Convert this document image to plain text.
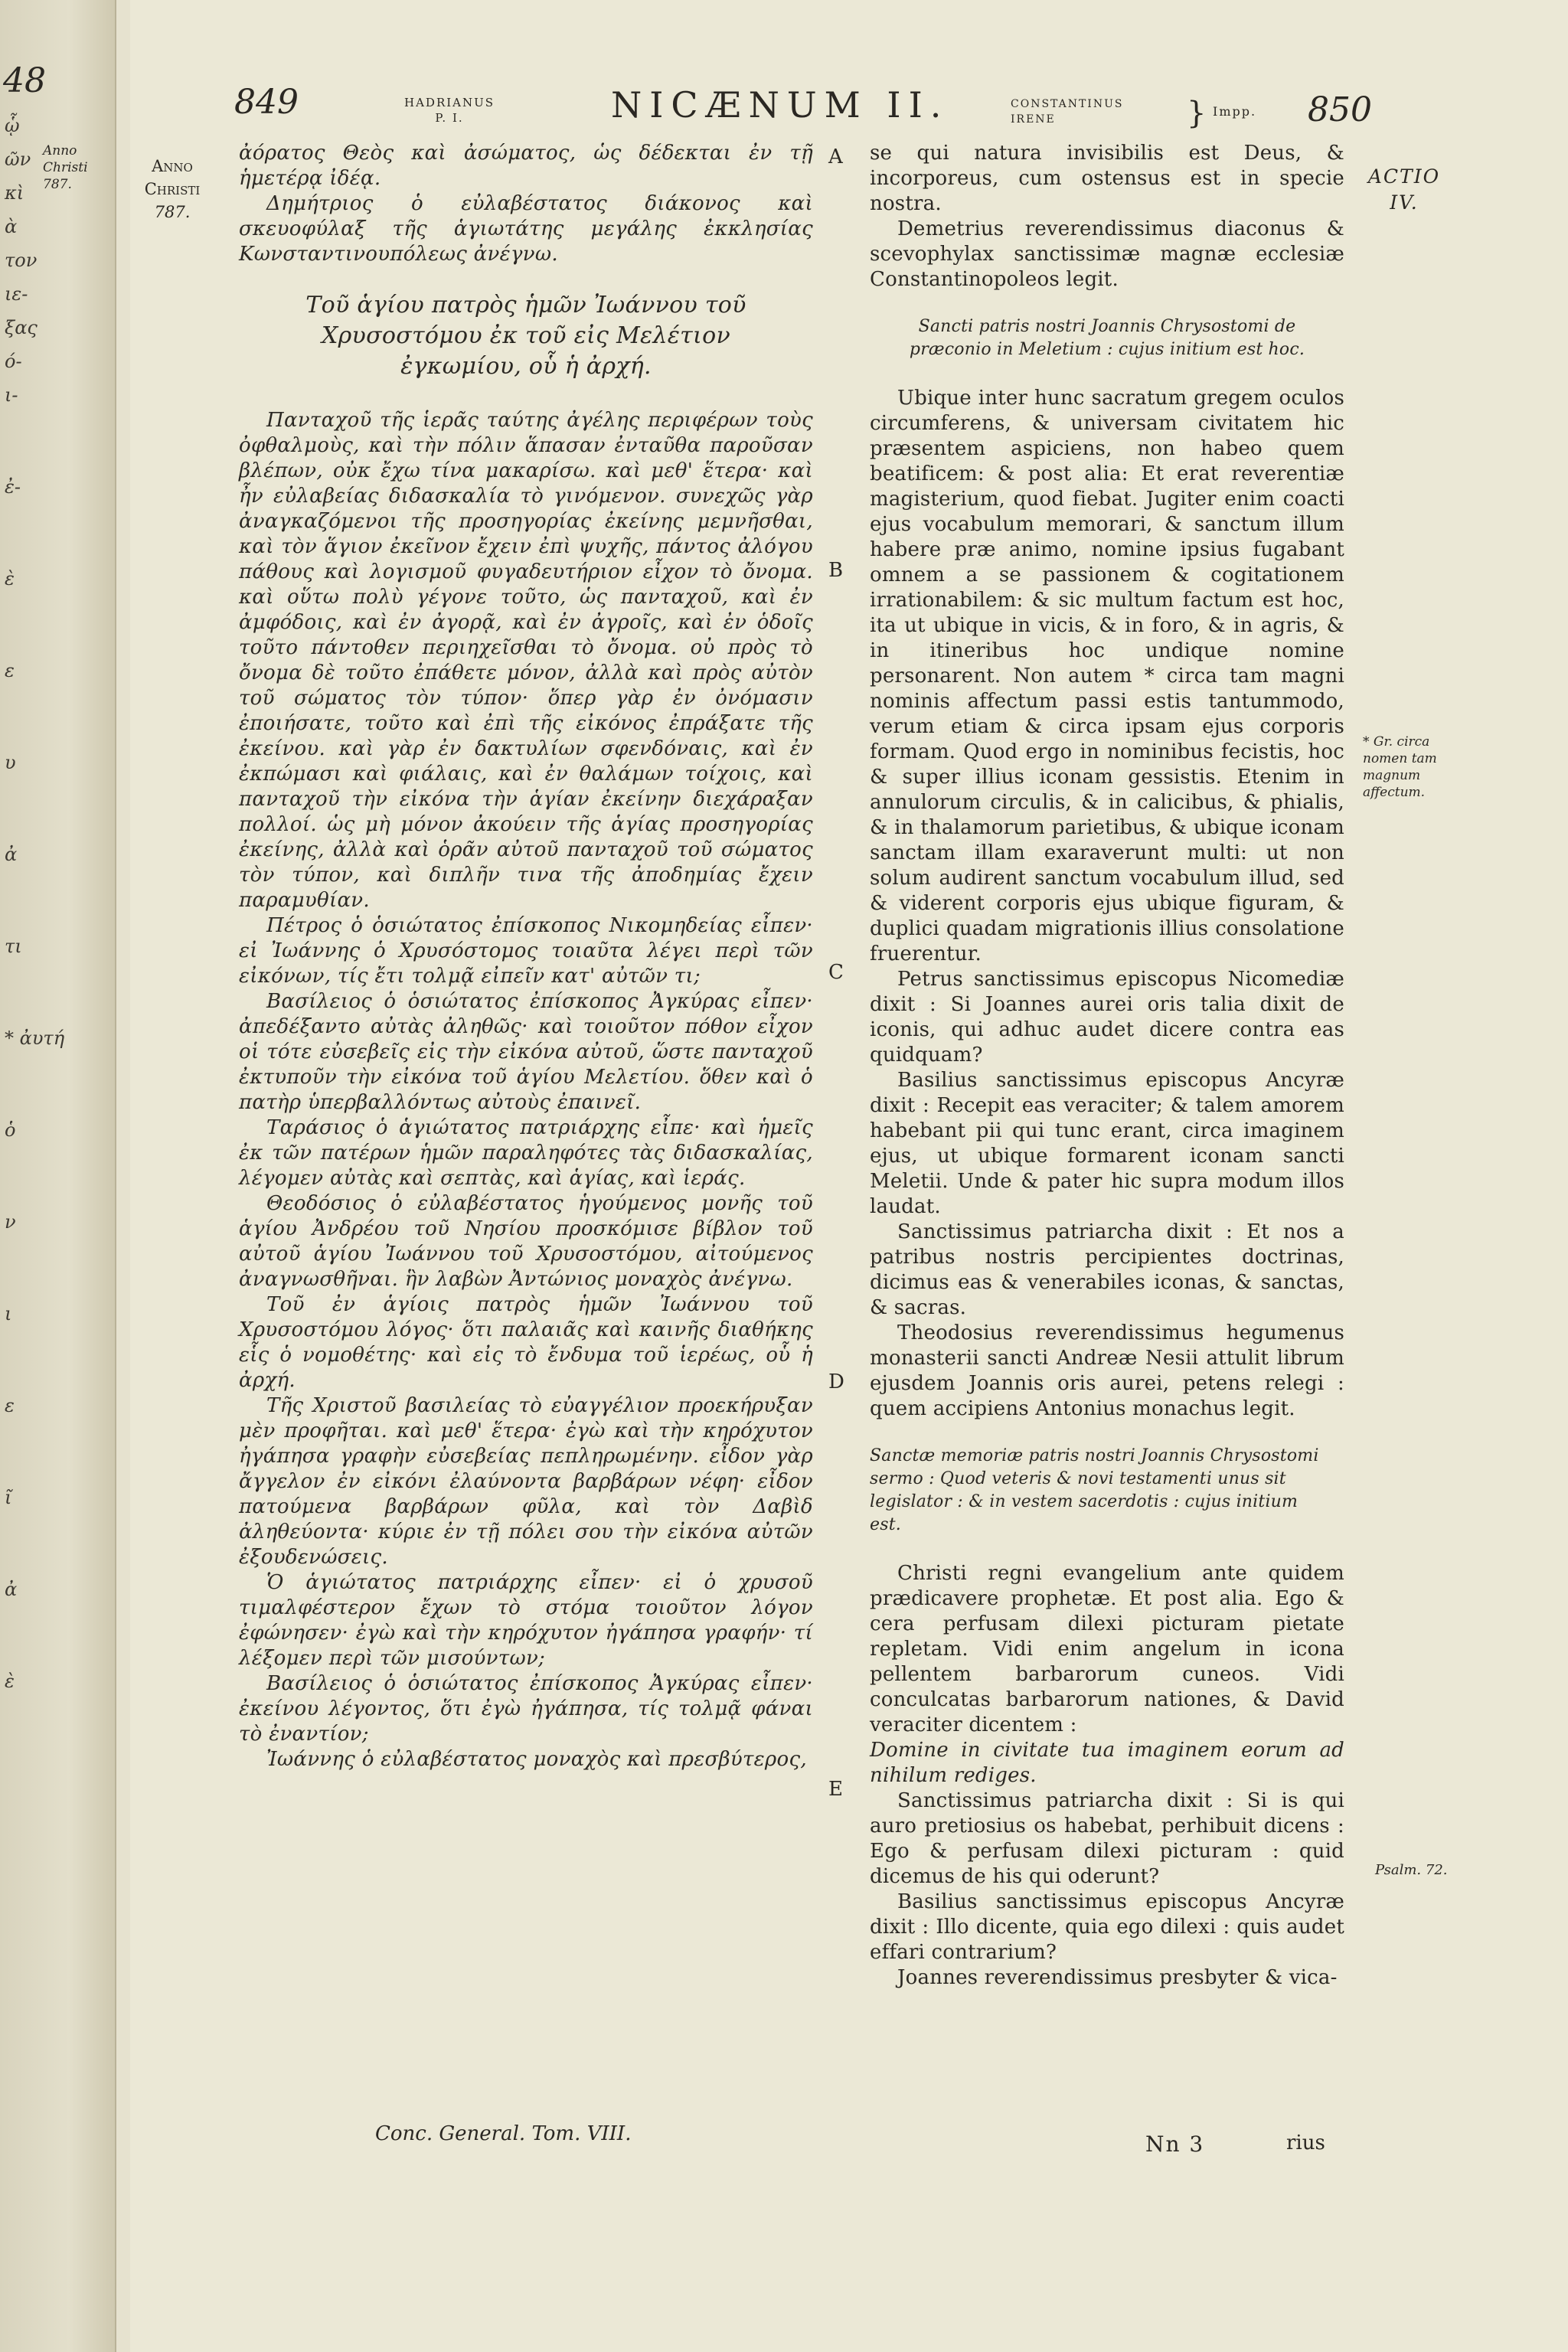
48
Anno Christi 787.
ᾧ
ῶν
κὶ
ὰ
τον
ιε-
ξας
ό-
ι-
ἐ-
ὲ
ε
υ
ἀ
τι
* ἀυτή
ὁ
ν
ι
ε
ῖ
ἀ
ὲ
849	HADRIANUS
P. I.	NICÆNUM II.	CONSTANTINUS
IRENE	} Impp. 850
Anno Christi
787.
ACTIO IV.
* Gr. circa nomen tam magnum affectum.
Psalm. 72.
A
B
C
D
E

ἀόρατος Θεὸς καὶ ἀσώματος, ὡς δέδεκται ἐν τῇ ἡμετέρᾳ ἰδέᾳ.

Δημήτριος ὁ εὐλαβέστατος διάκονος καὶ σκευοφύλαξ τῆς ἁγιωτάτης μεγάλης ἐκκλησίας Κωνσταντινουπόλεως ἀνέγνω.

Τοῦ ἁγίου πατρὸς ἡμῶν Ἰωάννου τοῦ Χρυσοστόμου ἐκ τοῦ εἰς Μελέτιον ἐγκωμίου, οὗ ἡ ἀρχή.

Πανταχοῦ τῆς ἱερᾶς ταύτης ἀγέλης περιφέρων τοὺς ὀφθαλμοὺς, καὶ τὴν πόλιν ἅπασαν ἐνταῦθα παροῦσαν βλέπων, οὐκ ἔχω τίνα μακαρίσω. καὶ μεθ' ἕτερα· καὶ ἦν εὐλαβείας διδασκαλία τὸ γινόμενον. συνεχῶς γὰρ ἀναγκαζόμενοι τῆς προσηγορίας ἐκείνης μεμνῆσθαι, καὶ τὸν ἅγιον ἐκεῖνον ἔχειν ἐπὶ ψυχῆς, πάντος ἀλόγου πάθους καὶ λογισμοῦ φυγαδευτήριον εἶχον τὸ ὄνομα. καὶ οὕτω πολὺ γέγονε τοῦτο, ὡς πανταχοῦ, καὶ ἐν ἀμφόδοις, καὶ ἐν ἀγορᾷ, καὶ ἐν ἀγροῖς, καὶ ἐν ὁδοῖς τοῦτο πάντοθεν περιηχεῖσθαι τὸ ὄνομα. οὐ πρὸς τὸ ὄνομα δὲ τοῦτο ἐπάθετε μόνον, ἀλλὰ καὶ πρὸς αὐτὸν τοῦ σώματος τὸν τύπον· ὅπερ γὰρ ἐν ὀνόμασιν ἐποιήσατε, τοῦτο καὶ ἐπὶ τῆς εἰκόνος ἐπράξατε τῆς ἐκείνου. καὶ γὰρ ἐν δακτυλίων σφενδόναις, καὶ ἐν ἐκπώμασι καὶ φιάλαις, καὶ ἐν θαλάμων τοίχοις, καὶ πανταχοῦ τὴν εἰκόνα τὴν ἁγίαν ἐκείνην διεχάραξαν πολλοί. ὡς μὴ μόνον ἀκούειν τῆς ἁγίας προσηγορίας ἐκείνης, ἀλλὰ καὶ ὁρᾶν αὐτοῦ πανταχοῦ τοῦ σώματος τὸν τύπον, καὶ διπλῆν τινα τῆς ἀποδημίας ἔχειν παραμυθίαν.

Πέτρος ὁ ὁσιώτατος ἐπίσκοπος Νικομηδείας εἶπεν· εἰ Ἰωάννης ὁ Χρυσόστομος τοιαῦτα λέγει περὶ τῶν εἰκόνων, τίς ἔτι τολμᾷ εἰπεῖν κατ' αὐτῶν τι;

Βασίλειος ὁ ὁσιώτατος ἐπίσκοπος Ἀγκύρας εἶπεν· ἀπεδέξαντο αὐτὰς ἀληθῶς· καὶ τοιοῦτον πόθον εἶχον οἱ τότε εὐσεβεῖς εἰς τὴν εἰκόνα αὐτοῦ, ὥστε πανταχοῦ ἐκτυποῦν τὴν εἰκόνα τοῦ ἁγίου Μελετίου. ὅθεν καὶ ὁ πατὴρ ὑπερβαλλόντως αὐτοὺς ἐπαινεῖ.

Ταράσιος ὁ ἁγιώτατος πατριάρχης εἶπε· καὶ ἡμεῖς ἐκ τῶν πατέρων ἡμῶν παραληφότες τὰς διδασκαλίας, λέγομεν αὐτὰς καὶ σεπτὰς, καὶ ἁγίας, καὶ ἱεράς.

Θεοδόσιος ὁ εὐλαβέστατος ἡγούμενος μονῆς τοῦ ἁγίου Ἀνδρέου τοῦ Νησίου προσκόμισε βίβλον τοῦ αὐτοῦ ἁγίου Ἰωάννου τοῦ Χρυσοστόμου, αἰτούμενος ἀναγνωσθῆναι. ἣν λαβὼν Ἀντώνιος μοναχὸς ἀνέγνω.

Τοῦ ἐν ἁγίοις πατρὸς ἡμῶν Ἰωάννου τοῦ Χρυσοστόμου λόγος· ὅτι παλαιᾶς καὶ καινῆς διαθήκης εἷς ὁ νομοθέτης· καὶ εἰς τὸ ἔνδυμα τοῦ ἱερέως, οὗ ἡ ἀρχή.

Τῆς Χριστοῦ βασιλείας τὸ εὐαγγέλιον προεκήρυξαν μὲν προφῆται. καὶ μεθ' ἕτερα· ἐγὼ καὶ τὴν κηρόχυτον ἠγάπησα γραφὴν εὐσεβείας πεπληρωμένην. εἶδον γὰρ ἄγγελον ἐν εἰκόνι ἐλαύνοντα βαρβάρων νέφη· εἶδον πατούμενα βαρβάρων φῦλα, καὶ τὸν Δαβὶδ ἀληθεύοντα· κύριε ἐν τῇ πόλει σου τὴν εἰκόνα αὐτῶν ἐξουδενώσεις.

Ὁ ἁγιώτατος πατριάρχης εἶπεν· εἰ ὁ χρυσοῦ τιμαλφέστερον ἔχων τὸ στόμα τοιοῦτον λόγον ἐφώνησεν· ἐγὼ καὶ τὴν κηρόχυτον ἠγάπησα γραφήν· τί λέξομεν περὶ τῶν μισούντων;

Βασίλειος ὁ ὁσιώτατος ἐπίσκοπος Ἀγκύρας εἶπεν· ἐκείνου λέγοντος, ὅτι ἐγὼ ἠγάπησα, τίς τολμᾷ φάναι τὸ ἐναντίον;

Ἰωάννης ὁ εὐλαβέστατος μοναχὸς καὶ πρεσβύτερος,

se qui natura invisibilis est Deus, & incorporeus, cum ostensus est in specie nostra.

Demetrius reverendissimus diaconus & scevophylax sanctissimæ magnæ ecclesiæ Constantinopoleos legit.

Sancti patris nostri Joannis Chrysostomi de præconio in Meletium : cujus initium est hoc.

Ubique inter hunc sacratum gregem oculos circumferens, & universam civitatem hic præsentem aspiciens, non habeo quem beatificem: & post alia: Et erat reverentiæ magisterium, quod fiebat. Jugiter enim coacti ejus vocabulum memorari, & sanctum illum habere præ animo, nomine ipsius fugabant omnem a se passionem & cogitationem irrationabilem: & sic multum factum est hoc, ita ut ubique in vicis, & in foro, & in agris, & in itineribus hoc undique nomine personarent. Non autem * circa tam magni nominis affectum passi estis tantummodo, verum etiam & circa ipsam ejus corporis formam. Quod ergo in nominibus fecistis, hoc & super illius iconam gessistis. Etenim in annulorum circulis, & in calicibus, & phialis, & in thalamorum parietibus, & ubique iconam sanctam illam exaraverunt multi: ut non solum audirent sanctum vocabulum illud, sed & viderent corporis ejus ubique figuram, & duplici quadam migrationis illius consolatione fruerentur.

Petrus sanctissimus episcopus Nicomediæ dixit : Si Joannes aurei oris talia dixit de iconis, qui adhuc audet dicere contra eas quidquam?

Basilius sanctissimus episcopus Ancyræ dixit : Recepit eas veraciter; & talem amorem habebant pii qui tunc erant, circa imaginem ejus, ut ubique formarent iconam sancti Meletii. Unde & pater hic supra modum illos laudat.

Sanctissimus patriarcha dixit : Et nos a patribus nostris percipientes doctrinas, dicimus eas & venerabiles iconas, & sanctas, & sacras.

Theodosius reverendissimus hegumenus monasterii sancti Andreæ Nesii attulit librum ejusdem Joannis oris aurei, petens relegi : quem accipiens Antonius monachus legit.

Sanctæ memoriæ patris nostri Joannis Chrysostomi sermo : Quod veteris & novi testamenti unus sit legislator : & in vestem sacerdotis : cujus initium est.

Christi regni evangelium ante quidem prædicavere prophetæ. Et post alia. Ego & cera perfusam dilexi picturam pietate repletam. Vidi enim angelum in icona pellentem barbarorum cuneos. Vidi conculcatas barbarorum nationes, & David veraciter dicentem :

Domine in civitate tua imaginem eorum ad nihilum rediges.

Sanctissimus patriarcha dixit : Si is qui auro pretiosius os habebat, perhibuit dicens : Ego & perfusam dilexi picturam : quid dicemus de his qui oderunt?

Basilius sanctissimus episcopus Ancyræ dixit : Illo dicente, quia ego dilexi : quis audet effari contrarium?

Joannes reverendissimus presbyter & vica-

Conc. General. Tom. VIII.	Nn 3	rius
